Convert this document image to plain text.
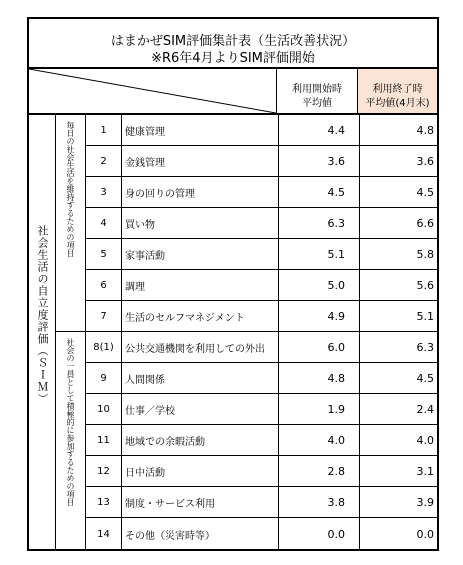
はまかぜSIM評価集計表（生活改善状況）
※R6年4月よりSIM評価開始
利用開始時
平均値
利用終了時
平均値(4月末)
社会生活の自立度評価（ＳＩＭ）
毎日の社会生活を維持するための項目
社会の一員として積極的に参加するための項目
1	健康管理	4.4	4.8
2	金銭管理	3.6	3.6
3	身の回りの管理	4.5	4.5
4	買い物	6.3	6.6
5	家事活動	5.1	5.8
6	調理	5.0	5.6
7	生活のセルフマネジメント	4.9	5.1
8(1)	公共交通機関を利用しての外出	6.0	6.3
9	人間関係	4.8	4.5
10	仕事／学校	1.9	2.4
11	地域での余暇活動	4.0	4.0
12	日中活動	2.8	3.1
13	制度・サービス利用	3.8	3.9
14	その他（災害時等）	0.0	0.0
